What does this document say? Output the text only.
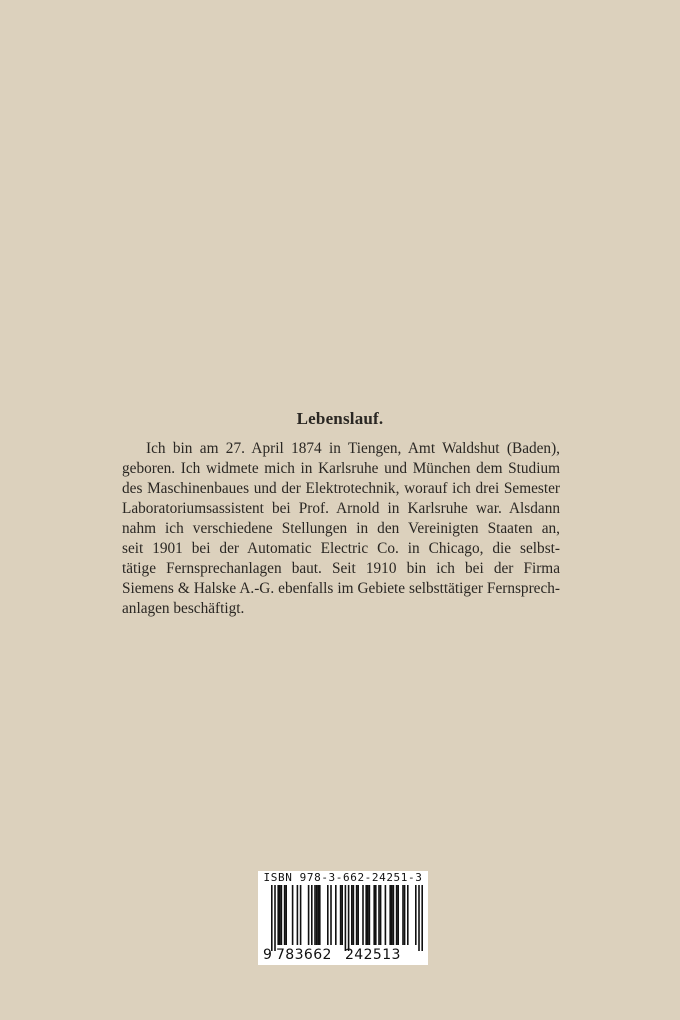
Lebenslauf.
Ich bin am 27. April 1874 in Tiengen, Amt Waldshut (Baden),
geboren. Ich widmete mich in Karlsruhe und München dem Studium
des Maschinenbaues und der Elektrotechnik, worauf ich drei Semester
Laboratoriumsassistent bei Prof. Arnold in Karlsruhe war. Alsdann
nahm ich verschiedene Stellungen in den Vereinigten Staaten an,
seit 1901 bei der Automatic Electric Co. in Chicago, die selbst-
tätige Fernsprechanlagen baut. Seit 1910 bin ich bei der Firma
Siemens & Halske A.-G. ebenfalls im Gebiete selbsttätiger Fernsprech-
anlagen beschäftigt.
ISBN 978-3-662-24251-3
9 783662 242513
